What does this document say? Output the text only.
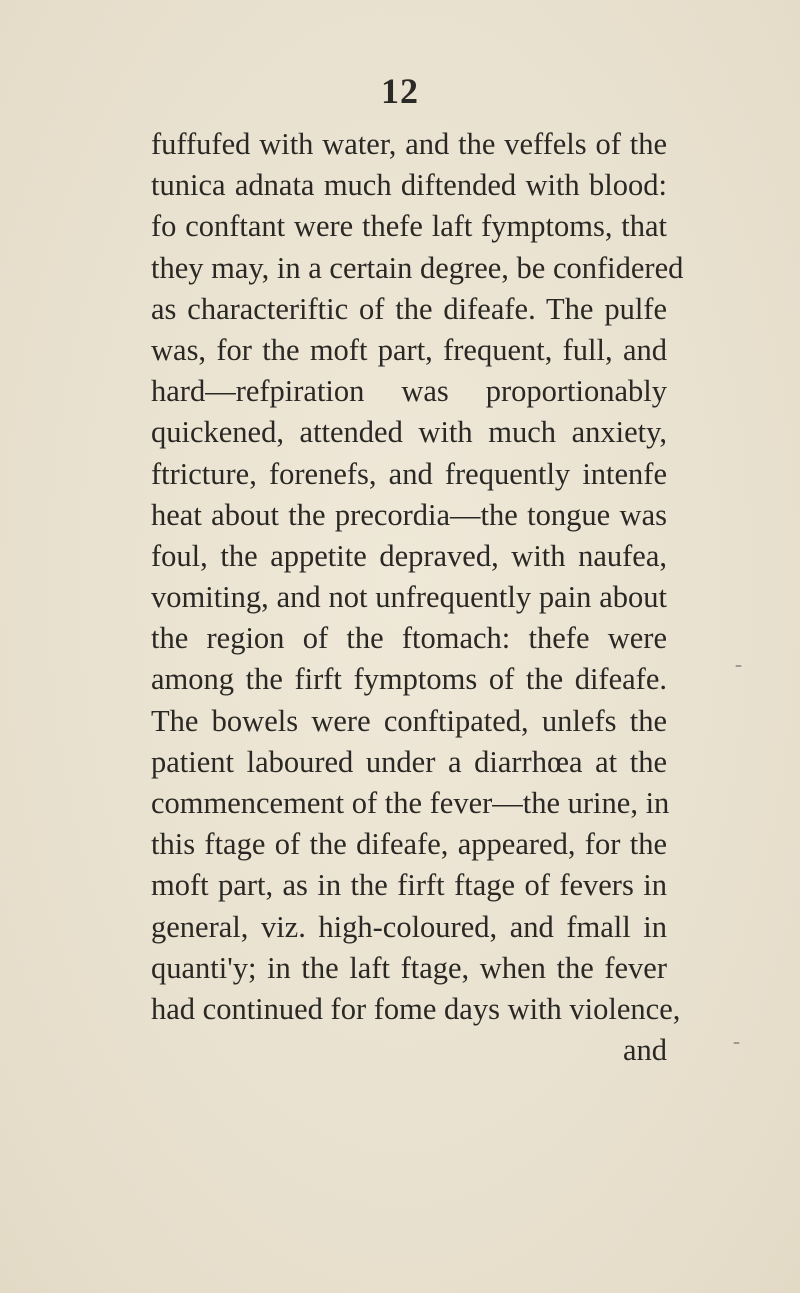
12
fuffufed with water, and the veffels of the
tunica adnata much diftended with blood:
fo conftant were thefe laft fymptoms, that
they may, in a certain degree, be confidered
as characteriftic of the difeafe. The pulfe
was, for the moft part, frequent, full, and
hard—refpiration was proportionably
quickened, attended with much anxiety,
ftricture, forenefs, and frequently intenfe
heat about the precordia—the tongue was
foul, the appetite depraved, with naufea,
vomiting, and not unfrequently pain about
the region of the ftomach: thefe were
among the firft fymptoms of the difeafe.
The bowels were conftipated, unlefs the
patient laboured under a diarrhœa at the
commencement of the fever—the urine, in
this ftage of the difeafe, appeared, for the
moft part, as in the firft ftage of fevers in
general, viz. high-coloured, and fmall in
quanti'y; in the laft ftage, when the fever
had continued for fome days with violence,
and
–
–
